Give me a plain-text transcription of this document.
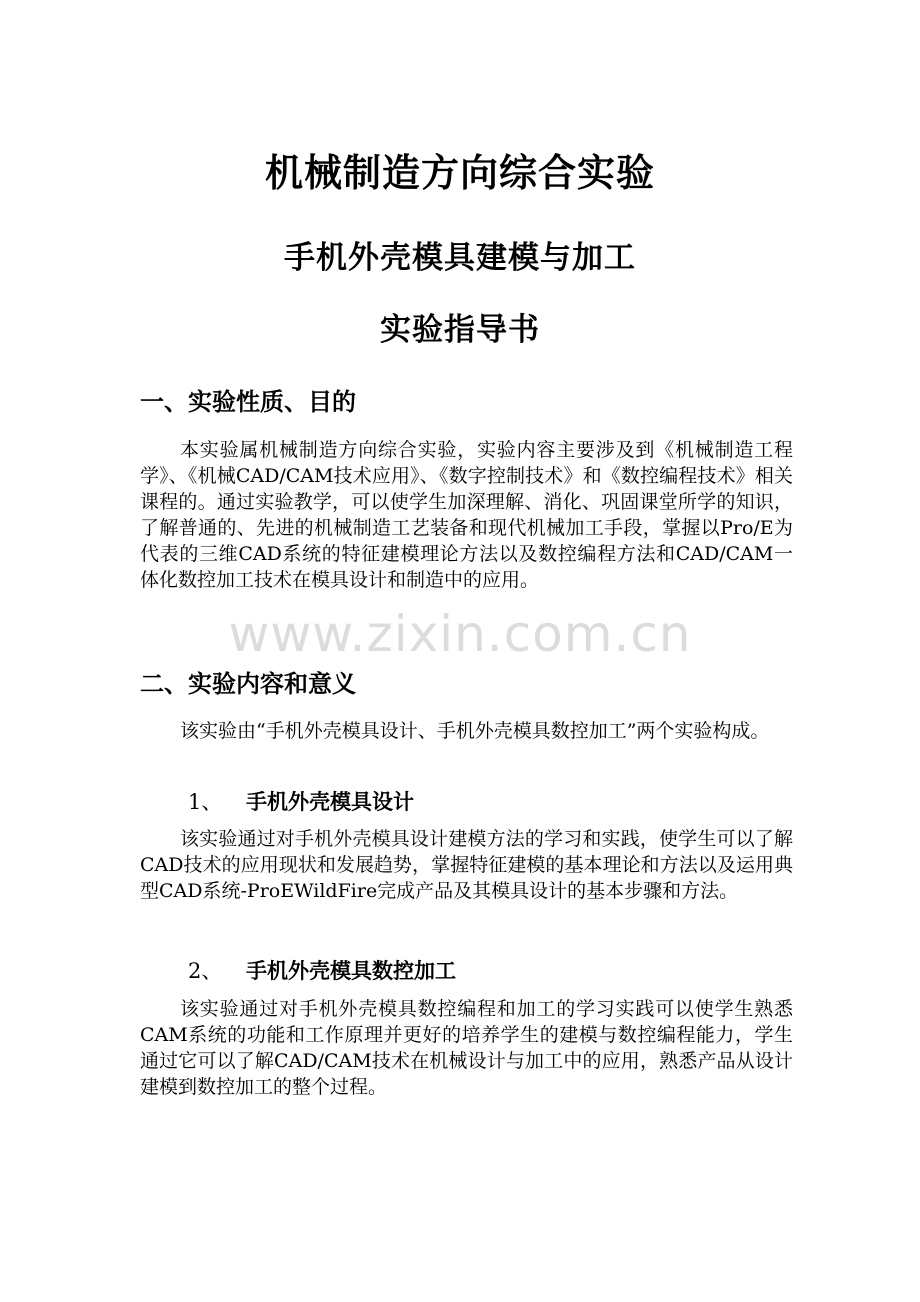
机械制造方向综合实验
手机外壳模具建模与加工
实验指导书
一、实验性质、目的
本实验属机械制造方向综合实验，实验内容主要涉及到《机械制造工程学》、《机械CAD/CAM技术应用》、《数字控制技术》和《数控编程技术》相关课程的。通过实验教学，可以使学生加深理解、消化、巩固课堂所学的知识，了解普通的、先进的机械制造工艺装备和现代机械加工手段，掌握以Pro/E为代表的三维CAD系统的特征建模理论方法以及数控编程方法和CAD/CAM一体化数控加工技术在模具设计和制造中的应用。
www.zixin.com.cn
二、实验内容和意义
该实验由“手机外壳模具设计、手机外壳模具数控加工”两个实验构成。
1、 手机外壳模具设计
该实验通过对手机外壳模具设计建模方法的学习和实践，使学生可以了解CAD技术的应用现状和发展趋势，掌握特征建模的基本理论和方法以及运用典型CAD系统-ProEWildFire完成产品及其模具设计的基本步骤和方法。
2、 手机外壳模具数控加工
该实验通过对手机外壳模具数控编程和加工的学习实践可以使学生熟悉CAM系统的功能和工作原理并更好的培养学生的建模与数控编程能力，学生通过它可以了解CAD/CAM技术在机械设计与加工中的应用，熟悉产品从设计建模到数控加工的整个过程。
